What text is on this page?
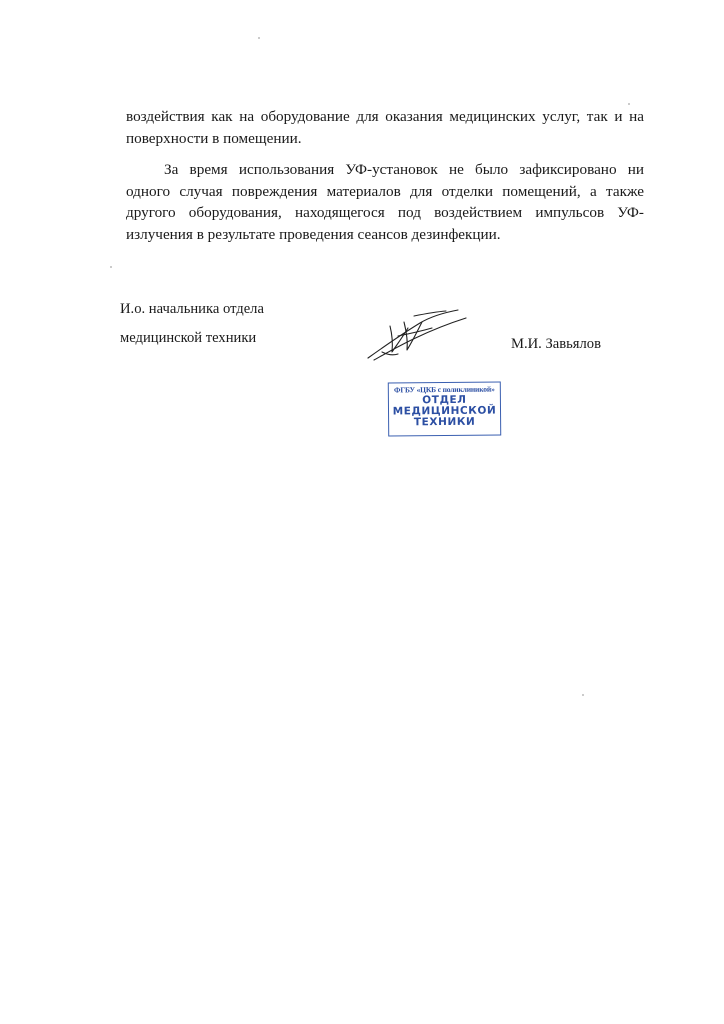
воздействия как на оборудование для оказания медицинских услуг, так и на
поверхности в помещении.

За время использования УФ-установок не было зафиксировано ни
одного случая повреждения материалов для отделки помещений, а также
другого оборудования, находящегося под воздействием импульсов УФ-
излучения в результате проведения сеансов дезинфекции.

И.о. начальника отдела
медицинской техники	М.И. Завьялов
ФГБУ «ЦКБ с поликлиникой»
ОТДЕЛ
МЕДИЦИНСКОЙ
ТЕХНИКИ
